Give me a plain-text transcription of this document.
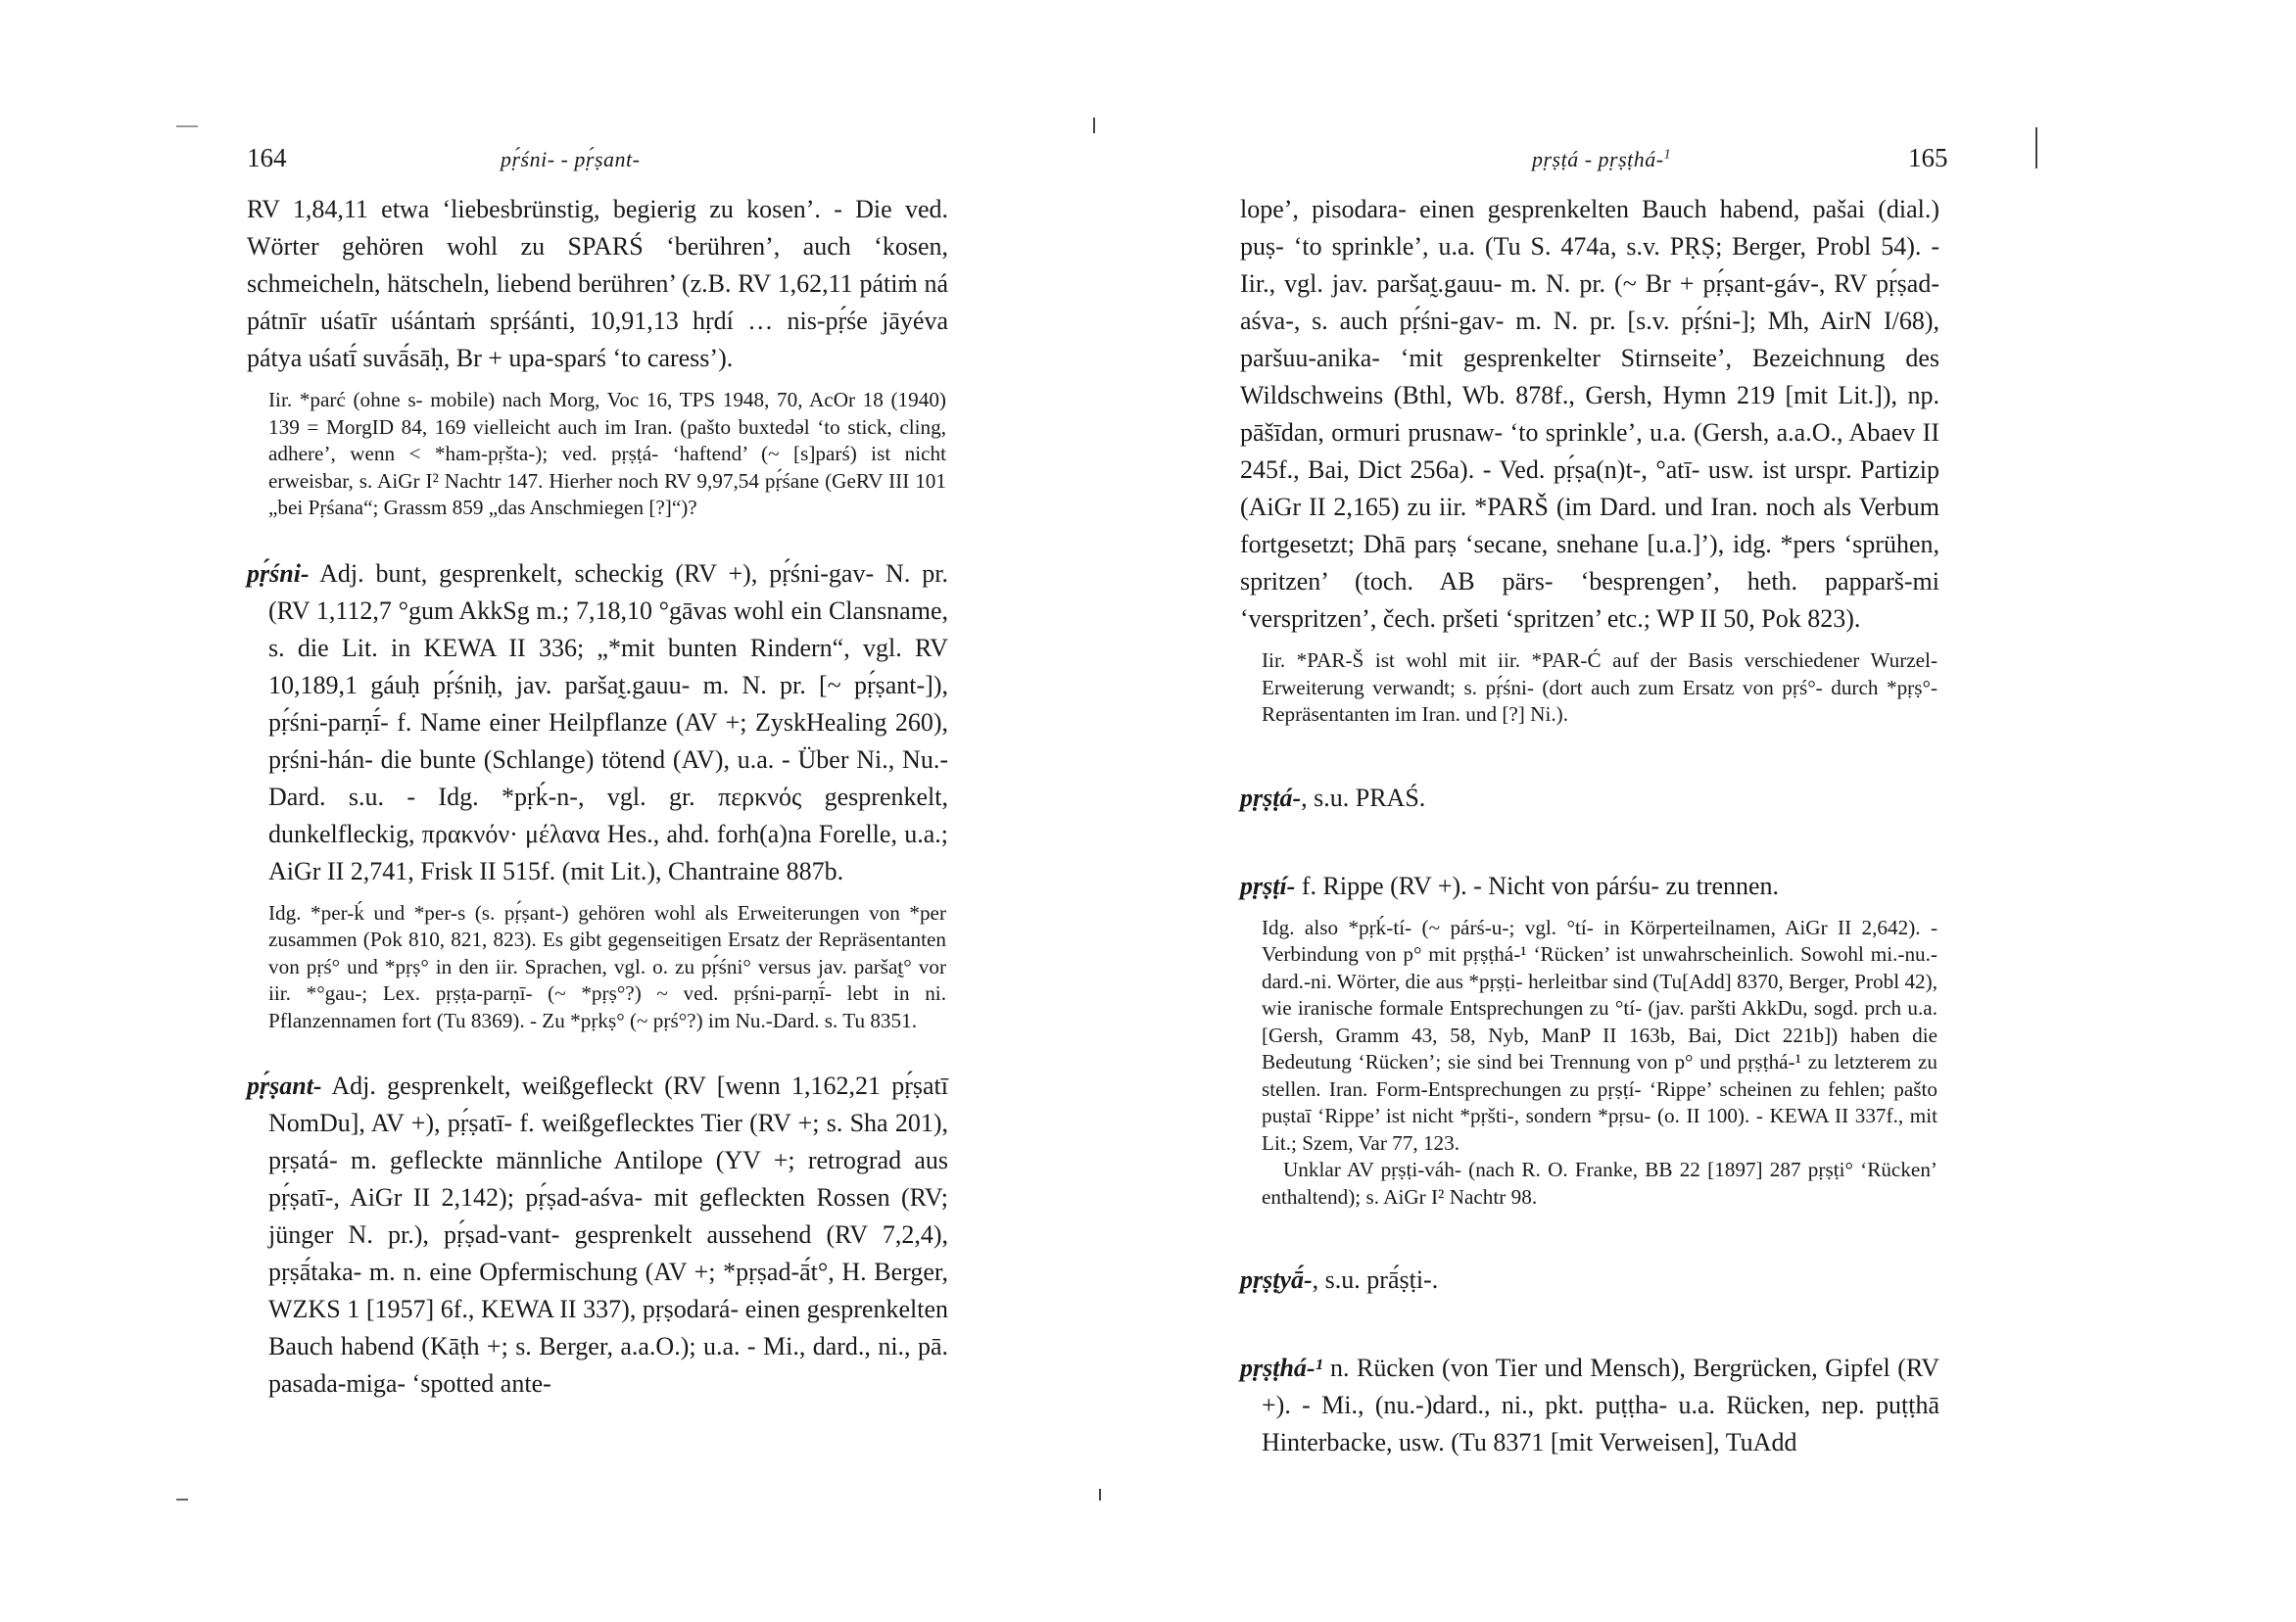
164	pṛ́śni- - pṛ́ṣant-

RV 1,84,11 etwa ‘liebesbrünstig, begierig zu kosen’. - Die ved. Wörter gehören wohl zu SPARŚ ‘berühren’, auch ‘kosen, schmeicheln, hätscheln, liebend berühren’ (z.B. RV 1,62,11 pátiṁ ná pátnīr uśatīr uśántaṁ spṛśánti, 10,91,13 hṛdí … nis-pṛ́śe jāyéva pátya uśatī́ suvā́sāḥ, Br + upa-sparś ‘to caress’).

Iir. *parć (ohne s- mobile) nach Morg, Voc 16, TPS 1948, 70, AcOr 18 (1940) 139 = MorgID 84, 169 vielleicht auch im Iran. (pašto buxtedəl ‘to stick, cling, adhere’, wenn < *ham-pṛšta-); ved. pṛṣṭá- ‘haftend’ (~ [s]parś) ist nicht erweisbar, s. AiGr I² Nachtr 147. Hierher noch RV 9,97,54 pṛ́śane (GeRV III 101 „bei Pṛśana“; Grassm 859 „das Anschmiegen [?]“)?

pṛ́śni- Adj. bunt, gesprenkelt, scheckig (RV +), pṛ́śni-gav- N. pr. (RV 1,112,7 °gum AkkSg m.; 7,18,10 °gāvas wohl ein Clansname, s. die Lit. in KEWA II 336; „*mit bunten Rindern“, vgl. RV 10,189,1 gáuḥ pṛ́śniḥ, jav. paršat̰.gauu- m. N. pr. [~ pṛ́ṣant-]), pṛ́śni-parṇī́- f. Name einer Heilpflanze (AV +; ZyskHealing 260), pṛśni-hán- die bunte (Schlange) tötend (AV), u.a. - Über Ni., Nu.-Dard. s.u. - Idg. *pṛḱ-n-, vgl. gr. περκνός gesprenkelt, dunkelfleckig, πρακνόν· μέλανα Hes., ahd. forh(a)na Forelle, u.a.; AiGr II 2,741, Frisk II 515f. (mit Lit.), Chantraine 887b.

Idg. *per-ḱ und *per-s (s. pṛ́ṣant-) gehören wohl als Erweiterungen von *per zusammen (Pok 810, 821, 823). Es gibt gegenseitigen Ersatz der Repräsentanten von pṛś° und *pṛṣ° in den iir. Sprachen, vgl. o. zu pṛ́śni° versus jav. paršat̰° vor iir. *°gau-; Lex. pṛṣṭa-parṇī- (~ *pṛṣ°?) ~ ved. pṛśni-parṇī́- lebt in ni. Pflanzennamen fort (Tu 8369). - Zu *pṛkṣ° (~ pṛś°?) im Nu.-Dard. s. Tu 8351.

pṛ́ṣant- Adj. gesprenkelt, weißgefleckt (RV [wenn 1,162,21 pṛ́ṣatī NomDu], AV +), pṛ́ṣatī- f. weißgeflecktes Tier (RV +; s. Sha 201), pṛṣatá- m. gefleckte männliche Antilope (YV +; retrograd aus pṛ́ṣatī-, AiGr II 2,142); pṛ́ṣad-aśva- mit gefleckten Rossen (RV; jünger N. pr.), pṛ́ṣad-vant- gesprenkelt aussehend (RV 7,2,4), pṛṣā́taka- m. n. eine Opfermischung (AV +; *pṛṣad-ā́t°, H. Berger, WZKS 1 [1957] 6f., KEWA II 337), pṛṣodará- einen gesprenkelten Bauch habend (Kāṭh +; s. Berger, a.a.O.); u.a. - Mi., dard., ni., pā. pasada-miga- ‘spotted ante-

pṛṣṭá - pṛṣṭhá-$^1$	165

lope’, pisodara- einen gesprenkelten Bauch habend, pašai (dial.) puṣ- ‘to sprinkle’, u.a. (Tu S. 474a, s.v. PṚṢ; Berger, Probl 54). - Iir., vgl. jav. paršat̰.gauu- m. N. pr. (~ Br + pṛ́ṣant-gáv-, RV pṛ́ṣad-aśva-, s. auch pṛ́śni-gav- m. N. pr. [s.v. pṛ́śni-]; Mh, AirN I/68), paršuu-anika- ‘mit gesprenkelter Stirnseite’, Bezeichnung des Wildschweins (Bthl, Wb. 878f., Gersh, Hymn 219 [mit Lit.]), np. pāšīdan, ormuri prusnaw- ‘to sprinkle’, u.a. (Gersh, a.a.O., Abaev II 245f., Bai, Dict 256a). - Ved. pṛ́ṣa(n)t-, °atī- usw. ist urspr. Partizip (AiGr II 2,165) zu iir. *PARŠ (im Dard. und Iran. noch als Verbum fortgesetzt; Dhā parṣ ‘secane, snehane [u.a.]’), idg. *pers ‘sprühen, spritzen’ (toch. AB pärs- ‘besprengen’, heth. papparš-mi ‘verspritzen’, čech. pršeti ‘spritzen’ etc.; WP II 50, Pok 823).

Iir. *PAR-Š ist wohl mit iir. *PAR-Ć auf der Basis verschiedener Wurzel-Erweiterung verwandt; s. pṛ́śni- (dort auch zum Ersatz von pṛś°- durch *pṛṣ°-Repräsentanten im Iran. und [?] Ni.).

pṛṣṭá-, s.u. PRAŚ.

pṛṣṭí- f. Rippe (RV +). - Nicht von párśu- zu trennen.

Idg. also *pṛḱ-tí- (~ párś-u-; vgl. °tí- in Körperteilnamen, AiGr II 2,642). - Verbindung von p° mit pṛṣṭhá-¹ ‘Rücken’ ist unwahrscheinlich. Sowohl mi.-nu.-dard.-ni. Wörter, die aus *pṛṣṭi- herleitbar sind (Tu[Add] 8370, Berger, Probl 42), wie iranische formale Entsprechungen zu °tí- (jav. paršti AkkDu, sogd. prch u.a. [Gersh, Gramm 43, 58, Nyb, ManP II 163b, Bai, Dict 221b]) haben die Bedeutung ‘Rücken’; sie sind bei Trennung von p° und pṛṣṭhá-¹ zu letzterem zu stellen. Iran. Form-Entsprechungen zu pṛṣṭí- ‘Rippe’ scheinen zu fehlen; pašto puṣtaī ‘Rippe’ ist nicht *pṛšti-, sondern *pṛsu- (o. II 100). - KEWA II 337f., mit Lit.; Szem, Var 77, 123.

Unklar AV pṛṣṭi-váh- (nach R. O. Franke, BB 22 [1897] 287 pṛṣṭi° ‘Rücken’ enthaltend); s. AiGr I² Nachtr 98.

pṛṣṭyā́-, s.u. prā́ṣṭi-.

pṛṣṭhá-¹ n. Rücken (von Tier und Mensch), Bergrücken, Gipfel (RV +). - Mi., (nu.-)dard., ni., pkt. puṭṭha- u.a. Rücken, nep. puṭṭhā Hinterbacke, usw. (Tu 8371 [mit Verweisen], TuAdd
